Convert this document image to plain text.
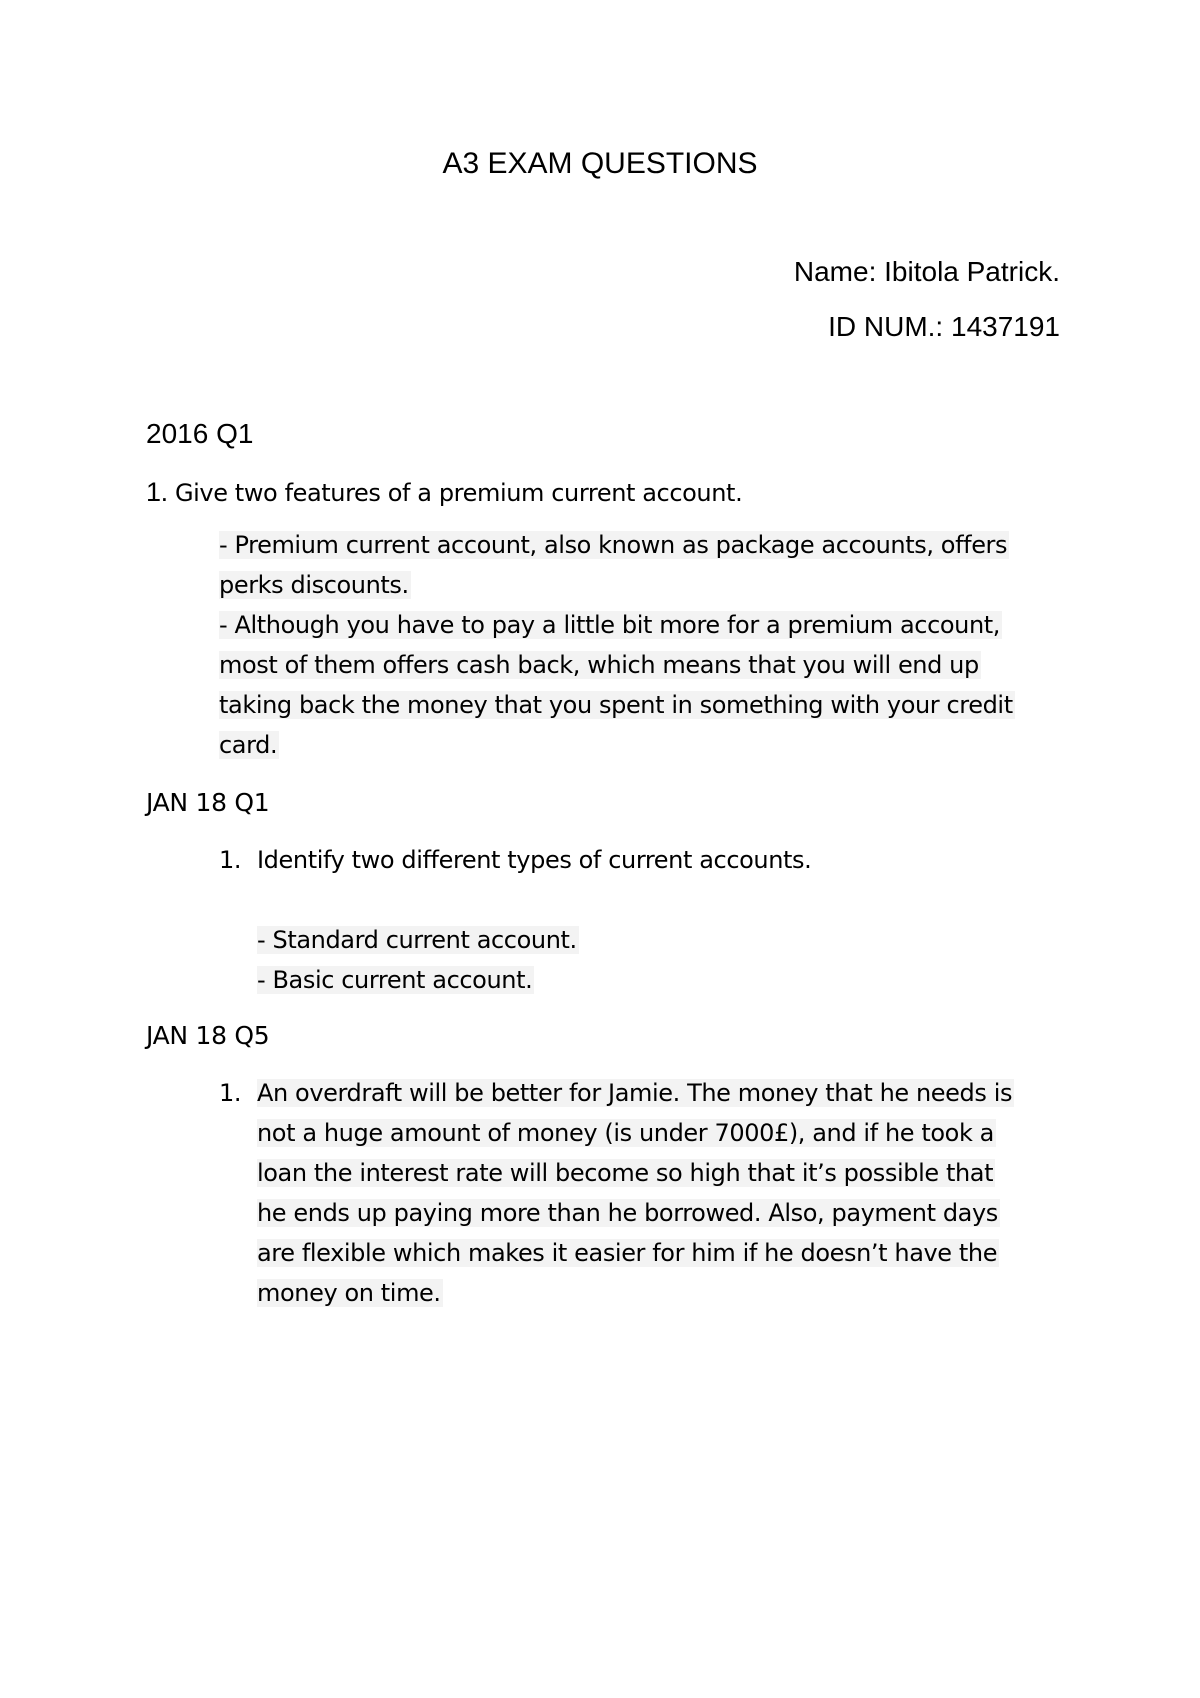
A3 EXAM QUESTIONS
Name: Ibitola Patrick.
ID NUM.: 1437191
2016 Q1
1. Give two features of a premium current account.
- Premium current account, also known as package accounts, offers
perks discounts.
- Although you have to pay a little bit more for a premium account,
most of them offers cash back, which means that you will end up
taking back the money that you spent in something with your credit
card.
JAN 18 Q1
1. Identify two different types of current accounts.
- Standard current account.
- Basic current account.
JAN 18 Q5
1. An overdraft will be better for Jamie. The money that he needs is
not a huge amount of money (is under 7000£), and if he took a
loan the interest rate will become so high that it’s possible that
he ends up paying more than he borrowed. Also, payment days
are flexible which makes it easier for him if he doesn’t have the
money on time.
